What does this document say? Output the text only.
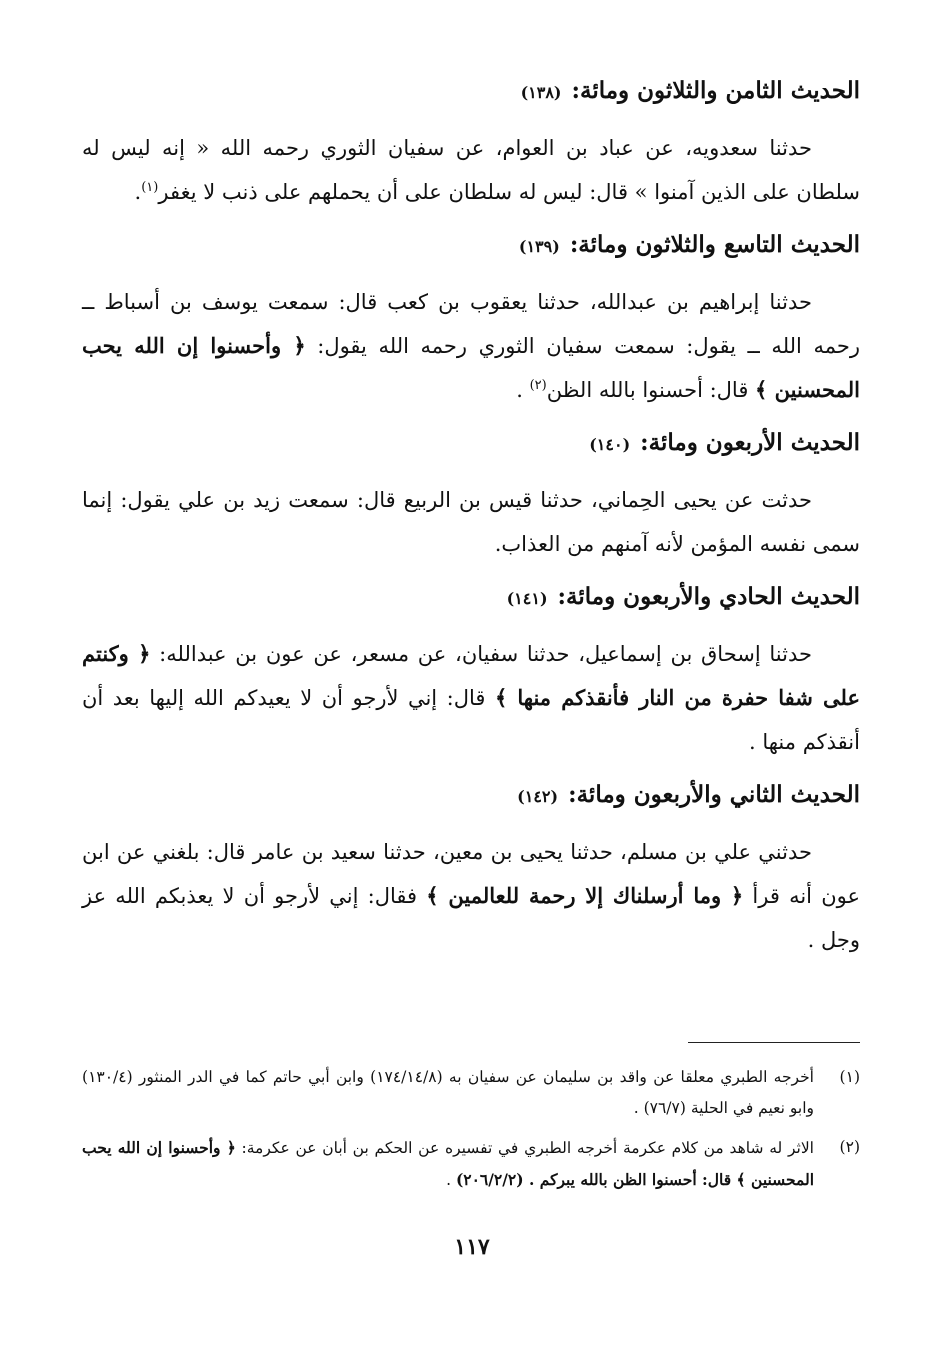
الحديث الثامن والثلاثون ومائة:(١٣٨)
حدثنا سعدويه، عن عباد بن العوام، عن سفيان الثوري رحمه الله « إنه ليس له سلطان على الذين آمنوا » قال: ليس له سلطان على أن يحملهم على ذنب لا يغفر$^{(١)}$.
الحديث التاسع والثلاثون ومائة:(١٣٩)
حدثنا إبراهيم بن عبدالله، حدثنا يعقوب بن كعب قال: سمعت يوسف بن أسباط ــ رحمه الله ــ يقول: سمعت سفيان الثوري رحمه الله يقول: ﴿ وأحسنوا إن الله يحب المحسنين ﴾ قال: أحسنوا بالله الظن$^{(٢)}$ .
الحديث الأربعون ومائة:(١٤٠)
حدثت عن يحيى الحِماني، حدثنا قيس بن الربيع قال: سمعت زيد بن علي يقول: إنما سمى نفسه المؤمن لأنه آمنهم من العذاب.
الحديث الحادي والأربعون ومائة:(١٤١)
حدثنا إسحاق بن إسماعيل، حدثنا سفيان، عن مسعر، عن عون بن عبدالله: ﴿ وكنتم على شفا حفرة من النار فأنقذكم منها ﴾ قال: إني لأرجو أن لا يعيدكم الله إليها بعد أن أنقذكم منها .
الحديث الثاني والأربعون ومائة:(١٤٢)
حدثني علي بن مسلم، حدثنا يحيى بن معين، حدثنا سعيد بن عامر قال: بلغني عن ابن عون أنه قرأ ﴿ وما أرسلناك إلا رحمة للعالمين ﴾ فقال: إني لأرجو أن لا يعذبكم الله عز وجل .
(١)
أخرجه الطبري معلقا عن واقد بن سليمان عن سفيان به (١٧٤/١٤/٨) وابن أبي حاتم كما في الدر المنثور (١٣٠/٤) وابو نعيم في الحلية (٧٦/٧) .
(٢)
الاثر له شاهد من كلام عكرمة أخرجه الطبري في تفسيره عن الحكم بن أبان عن عكرمة: ﴿ وأحسنوا إن الله يحب المحسنين ﴾ قال: أحسنوا الظن بالله يبركم . (٢٠٦/٢/٢) .
١١٧
